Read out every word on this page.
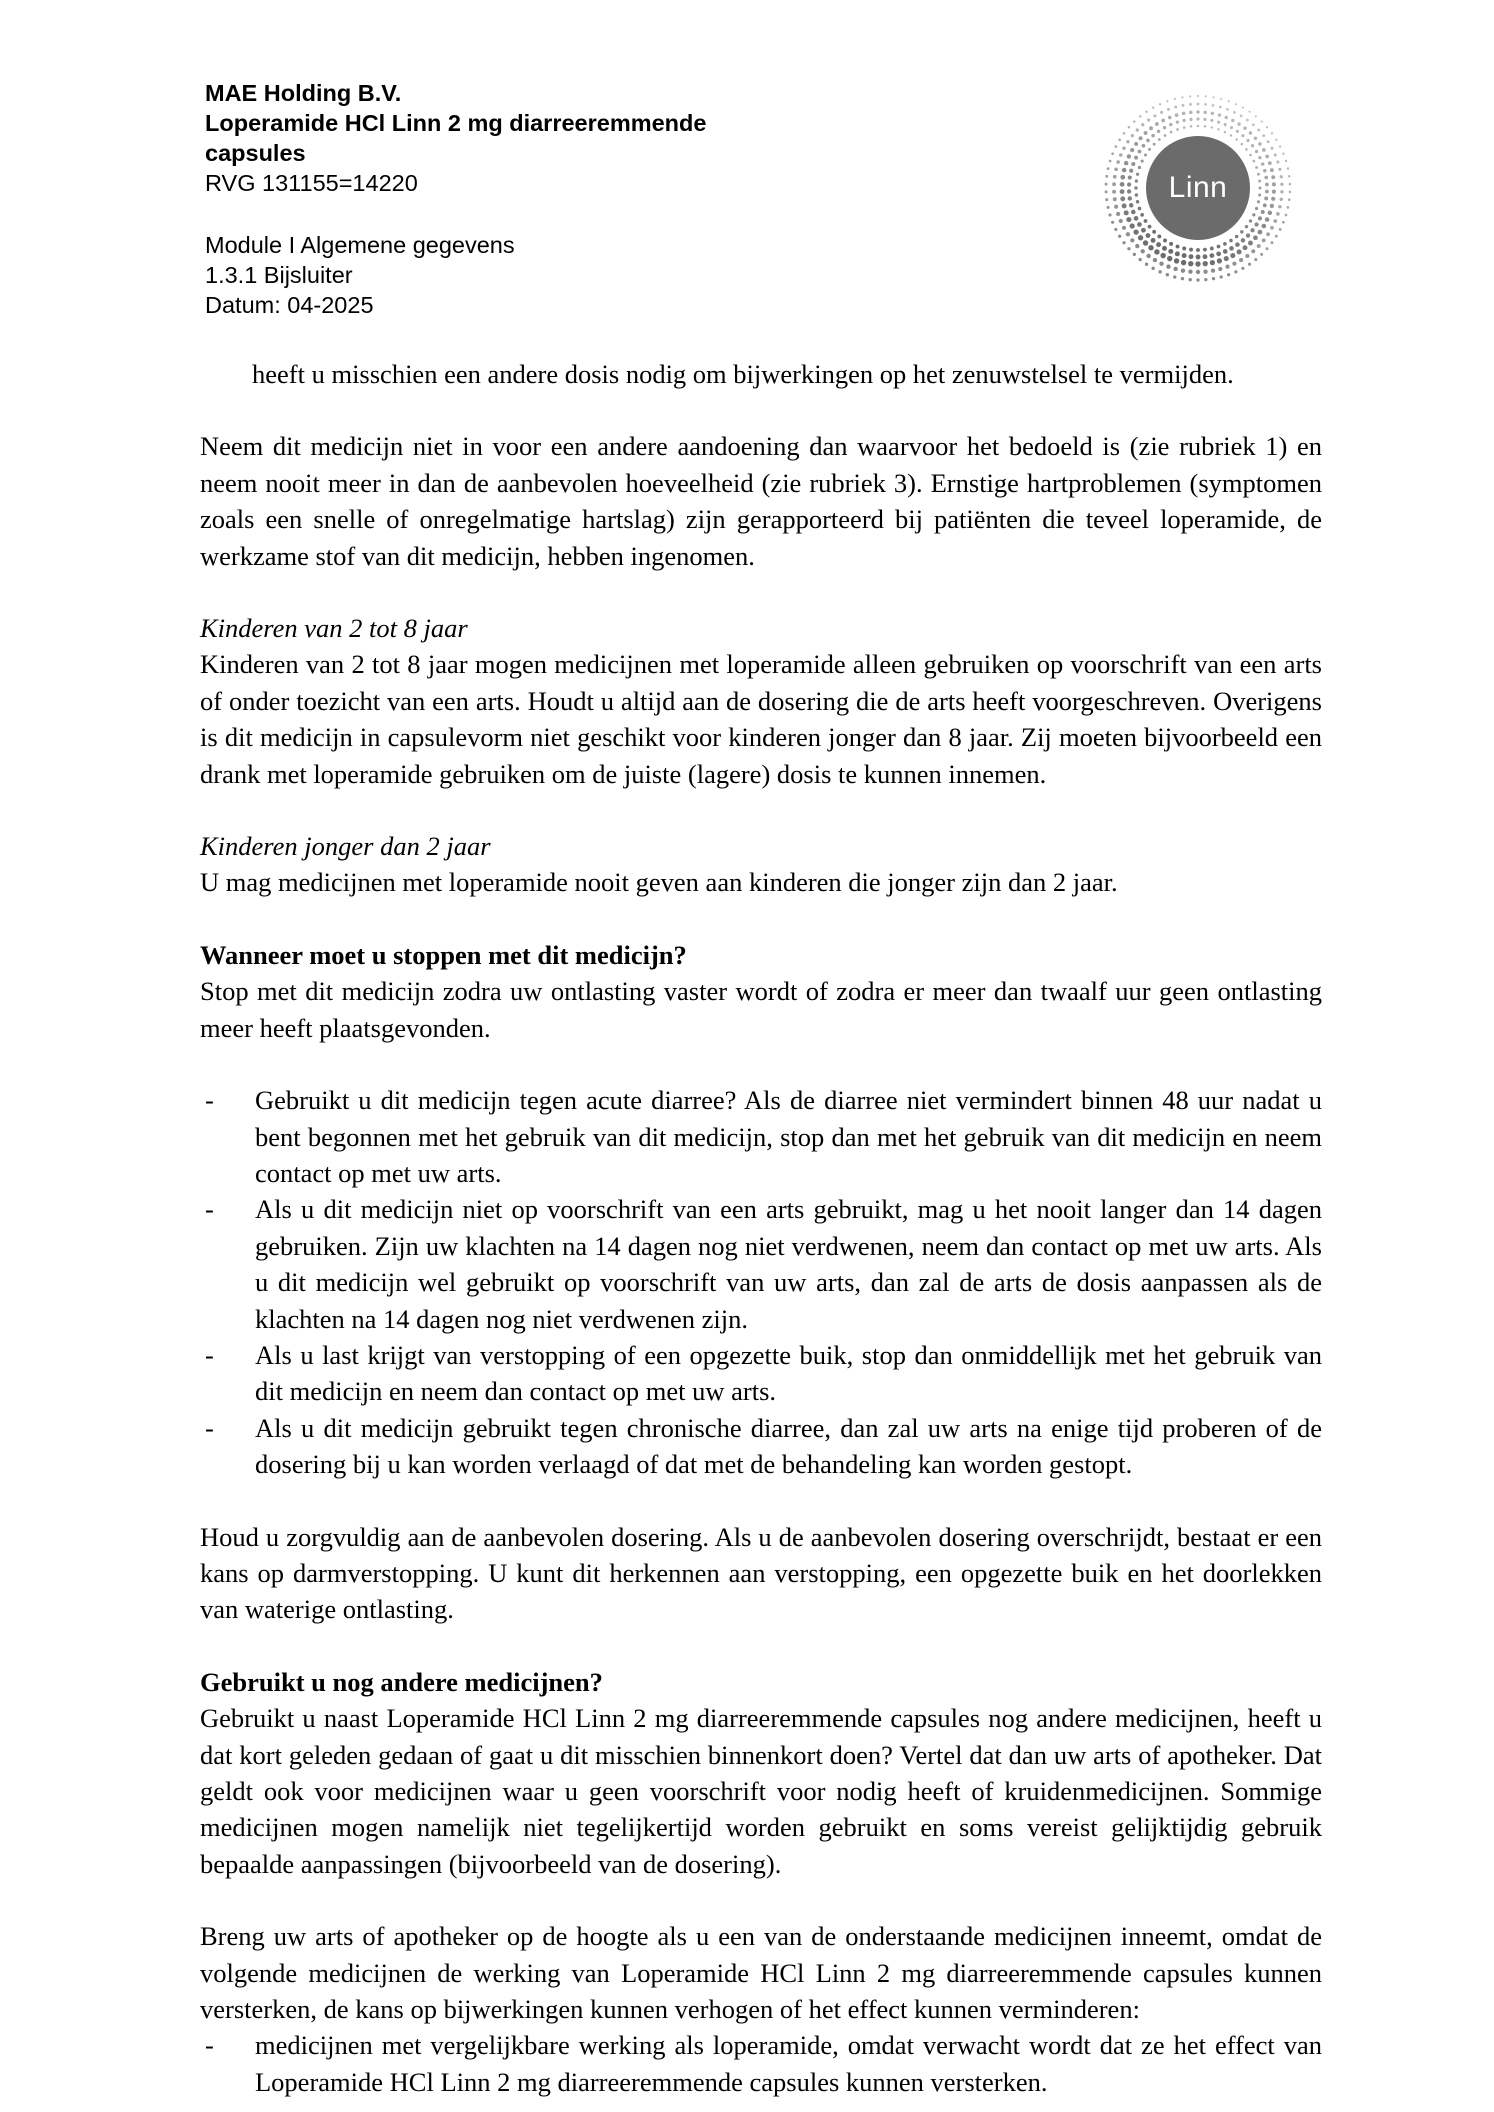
MAE Holding B.V.
Loperamide HCl Linn 2 mg diarreeremmende
capsules
RVG 131155=14220
Module I Algemene gegevens
1.3.1 Bijsluiter
Datum: 04-2025
Linn
heeft u misschien een andere dosis nodig om bijwerkingen op het zenuwstelsel te vermijden.
Neem dit medicijn niet in voor een andere aandoening dan waarvoor het bedoeld is (zie rubriek 1) en neem nooit meer in dan de aanbevolen hoeveelheid (zie rubriek 3). Ernstige hartproblemen (symptomen zoals een snelle of onregelmatige hartslag) zijn gerapporteerd bij patiënten die teveel loperamide, de werkzame stof van dit medicijn, hebben ingenomen.
Kinderen van 2 tot 8 jaar
Kinderen van 2 tot 8 jaar mogen medicijnen met loperamide alleen gebruiken op voorschrift van een arts of onder toezicht van een arts. Houdt u altijd aan de dosering die de arts heeft voorgeschreven. Overigens is dit medicijn in capsulevorm niet geschikt voor kinderen jonger dan 8 jaar. Zij moeten bijvoorbeeld een drank met loperamide gebruiken om de juiste (lagere) dosis te kunnen innemen.
Kinderen jonger dan 2 jaar
U mag medicijnen met loperamide nooit geven aan kinderen die jonger zijn dan 2 jaar.
Wanneer moet u stoppen met dit medicijn?
Stop met dit medicijn zodra uw ontlasting vaster wordt of zodra er meer dan twaalf uur geen ontlasting meer heeft plaatsgevonden.
- Gebruikt u dit medicijn tegen acute diarree? Als de diarree niet vermindert binnen 48 uur nadat u bent begonnen met het gebruik van dit medicijn, stop dan met het gebruik van dit medicijn en neem contact op met uw arts.
- Als u dit medicijn niet op voorschrift van een arts gebruikt, mag u het nooit langer dan 14 dagen gebruiken. Zijn uw klachten na 14 dagen nog niet verdwenen, neem dan contact op met uw arts. Als u dit medicijn wel gebruikt op voorschrift van uw arts, dan zal de arts de dosis aanpassen als de klachten na 14 dagen nog niet verdwenen zijn.
- Als u last krijgt van verstopping of een opgezette buik, stop dan onmiddellijk met het gebruik van dit medicijn en neem dan contact op met uw arts.
- Als u dit medicijn gebruikt tegen chronische diarree, dan zal uw arts na enige tijd proberen of de dosering bij u kan worden verlaagd of dat met de behandeling kan worden gestopt.
Houd u zorgvuldig aan de aanbevolen dosering. Als u de aanbevolen dosering overschrijdt, bestaat er een kans op darmverstopping. U kunt dit herkennen aan verstopping, een opgezette buik en het doorlekken van waterige ontlasting.
Gebruikt u nog andere medicijnen?
Gebruikt u naast Loperamide HCl Linn 2 mg diarreeremmende capsules nog andere medicijnen, heeft u dat kort geleden gedaan of gaat u dit misschien binnenkort doen? Vertel dat dan uw arts of apotheker. Dat geldt ook voor medicijnen waar u geen voorschrift voor nodig heeft of kruidenmedicijnen. Sommige medicijnen mogen namelijk niet tegelijkertijd worden gebruikt en soms vereist gelijktijdig gebruik bepaalde aanpassingen (bijvoorbeeld van de dosering).
Breng uw arts of apotheker op de hoogte als u een van de onderstaande medicijnen inneemt, omdat de volgende medicijnen de werking van Loperamide HCl Linn 2 mg diarreeremmende capsules kunnen versterken, de kans op bijwerkingen kunnen verhogen of het effect kunnen verminderen:
- medicijnen met vergelijkbare werking als loperamide, omdat verwacht wordt dat ze het effect van Loperamide HCl Linn 2 mg diarreeremmende capsules kunnen versterken.
